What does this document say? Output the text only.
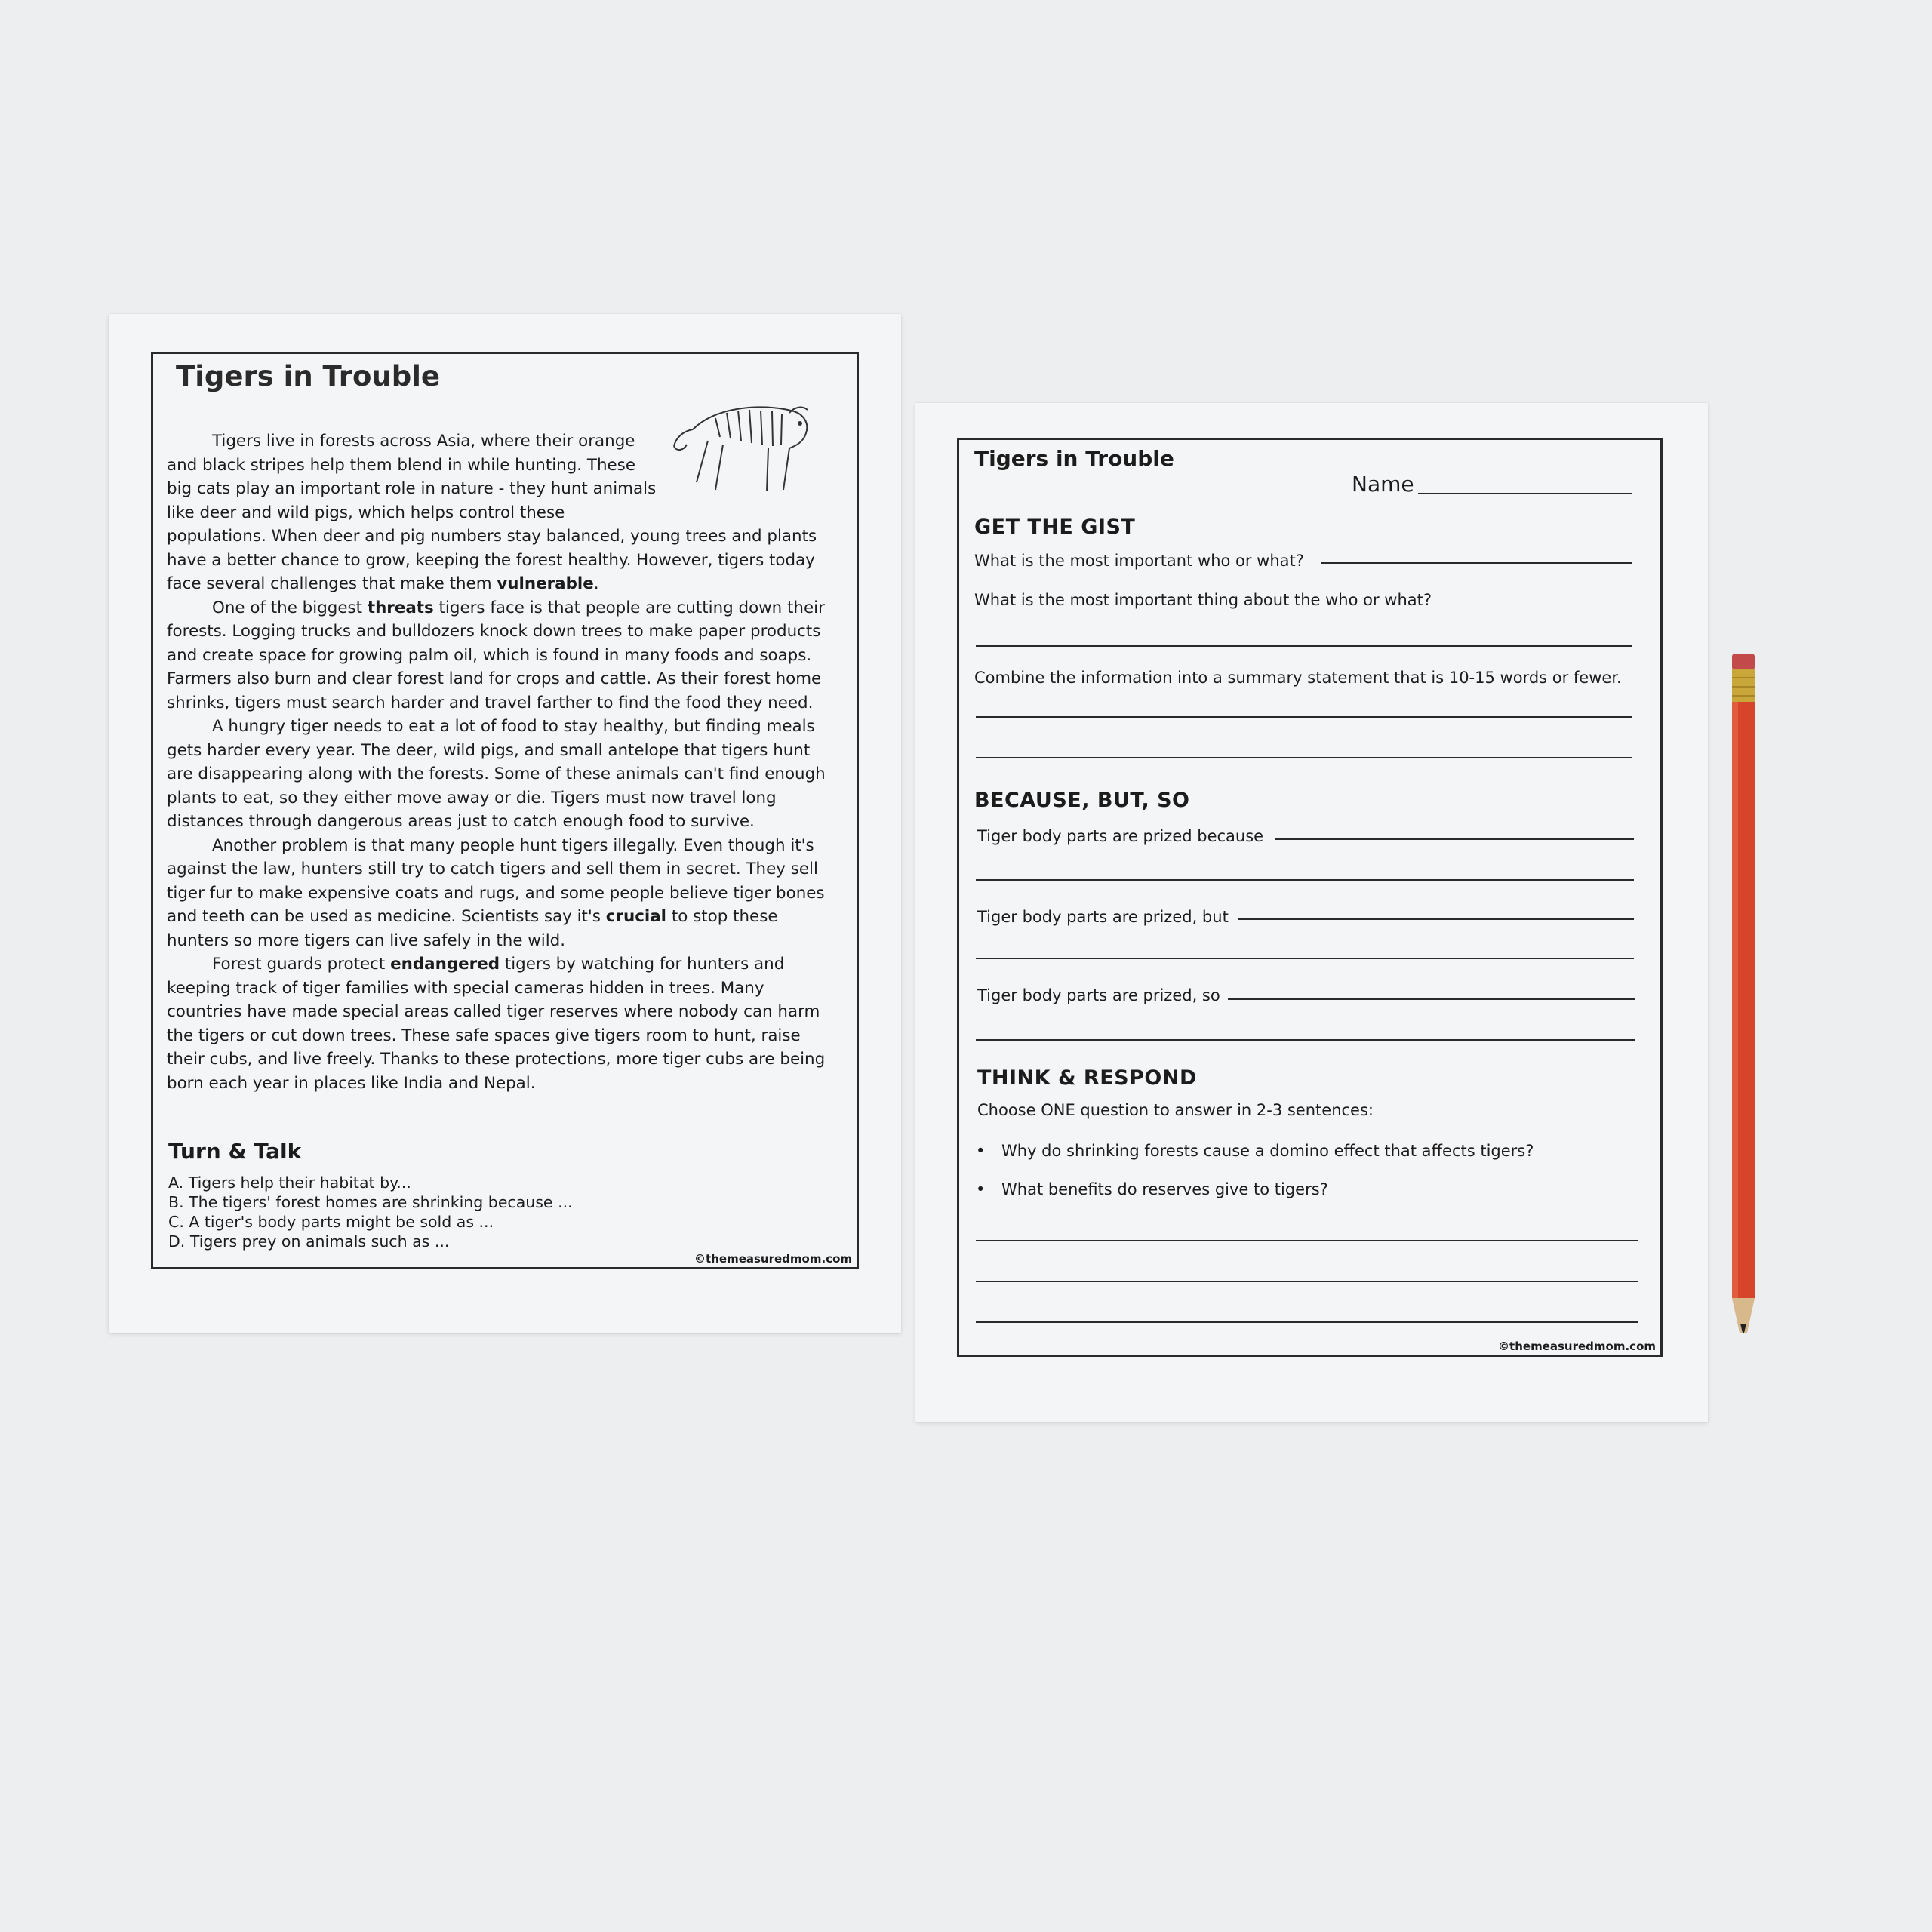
Tigers in Trouble

Tigers live in forests across Asia, where their orange and black stripes help them blend in while hunting. These big cats play an important role in nature - they hunt animals like deer and wild pigs, which helps control these populations. When deer and pig numbers stay balanced, young trees and plants have a better chance to grow, keeping the forest healthy. However, tigers today face several challenges that make them vulnerable.

One of the biggest threats tigers face is that people are cutting down their forests. Logging trucks and bulldozers knock down trees to make paper products and create space for growing palm oil, which is found in many foods and soaps. Farmers also burn and clear forest land for crops and cattle. As their forest home shrinks, tigers must search harder and travel farther to find the food they need.

A hungry tiger needs to eat a lot of food to stay healthy, but finding meals gets harder every year. The deer, wild pigs, and small antelope that tigers hunt are disappearing along with the forests. Some of these animals can't find enough plants to eat, so they either move away or die. Tigers must now travel long distances through dangerous areas just to catch enough food to survive.

Another problem is that many people hunt tigers illegally. Even though it's against the law, hunters still try to catch tigers and sell them in secret. They sell tiger fur to make expensive coats and rugs, and some people believe tiger bones and teeth can be used as medicine. Scientists say it's crucial to stop these hunters so more tigers can live safely in the wild.

Forest guards protect endangered tigers by watching for hunters and keeping track of tiger families with special cameras hidden in trees. Many countries have made special areas called tiger reserves where nobody can harm the tigers or cut down trees. These safe spaces give tigers room to hunt, raise their cubs, and live freely. Thanks to these protections, more tiger cubs are being born each year in places like India and Nepal.

Turn & Talk
A. Tigers help their habitat by...
B. The tigers' forest homes are shrinking because ...
C. A tiger's body parts might be sold as ...
D. Tigers prey on animals such as ...
©themeasuredmom.com
Tigers in Trouble
Name
GET THE GIST
What is the most important who or what?
What is the most important thing about the who or what?
Combine the information into a summary statement that is 10-15 words or fewer.
BECAUSE, BUT, SO
Tiger body parts are prized because
Tiger body parts are prized, but
Tiger body parts are prized, so
THINK & RESPOND
Choose ONE question to answer in 2-3 sentences:
• Why do shrinking forests cause a domino effect that affects tigers?
• What benefits do reserves give to tigers?
©themeasuredmom.com
